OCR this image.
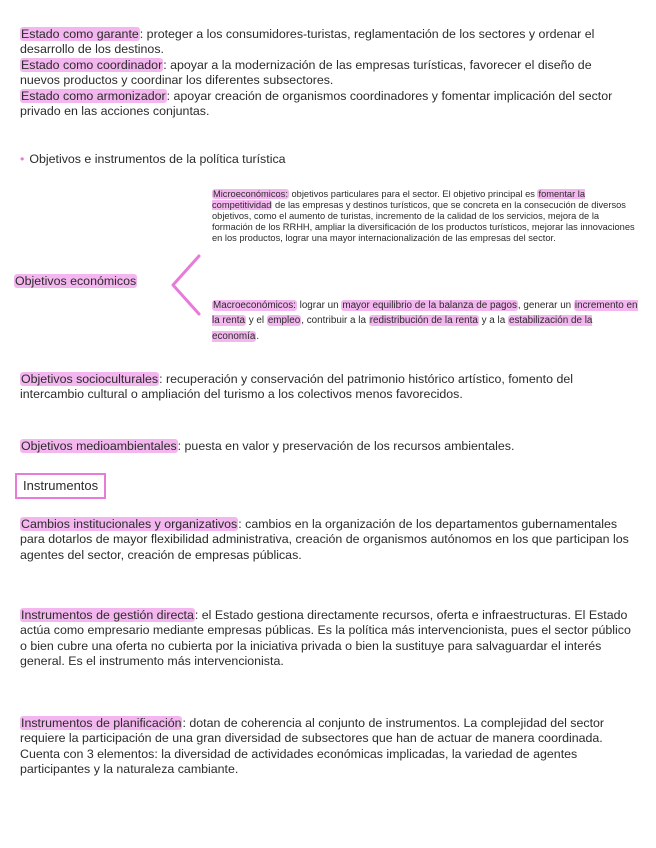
Estado como garante: proteger a los consumidores-turistas, reglamentación de los sectores y ordenar el desarrollo de los destinos.

Estado como coordinador: apoyar a la modernización de las empresas turísticas, favorecer el diseño de nuevos productos y coordinar los diferentes subsectores.

Estado como armonizador: apoyar creación de organismos coordinadores y fomentar implicación del sector privado en las acciones conjuntas.

• Objetivos e instrumentos de la política turística
Objetivos económicos
Microeconómicos: objetivos particulares para el sector. El objetivo principal es fomentar la competitividad de las empresas y destinos turísticos, que se concreta en la consecución de diversos objetivos, como el aumento de turistas, incremento de la calidad de los servicios, mejora de la formación de los RRHH, ampliar la diversificación de los productos turísticos, mejorar las innovaciones en los productos, lograr una mayor internacionalización de las empresas del sector.
Macroeconómicos: lograr un mayor equilibrio de la balanza de pagos, generar un incremento en la renta y el empleo, contribuir a la redistribución de la renta y a la estabilización de la economía.
Objetivos socioculturales: recuperación y conservación del patrimonio histórico artístico, fomento del intercambio cultural o ampliación del turismo a los colectivos menos favorecidos.
Objetivos medioambientales: puesta en valor y preservación de los recursos ambientales.
Instrumentos
Cambios institucionales y organizativos: cambios en la organización de los departamentos gubernamentales para dotarlos de mayor flexibilidad administrativa, creación de organismos autónomos en los que participan los agentes del sector, creación de empresas públicas.
Instrumentos de gestión directa: el Estado gestiona directamente recursos, oferta e infraestructuras. El Estado actúa como empresario mediante empresas públicas. Es la política más intervencionista, pues el sector público o bien cubre una oferta no cubierta por la iniciativa privada o bien la sustituye para salvaguardar el interés general. Es el instrumento más intervencionista.
Instrumentos de planificación: dotan de coherencia al conjunto de instrumentos. La complejidad del sector requiere la participación de una gran diversidad de subsectores que han de actuar de manera coordinada. Cuenta con 3 elementos: la diversidad de actividades económicas implicadas, la variedad de agentes participantes y la naturaleza cambiante.
